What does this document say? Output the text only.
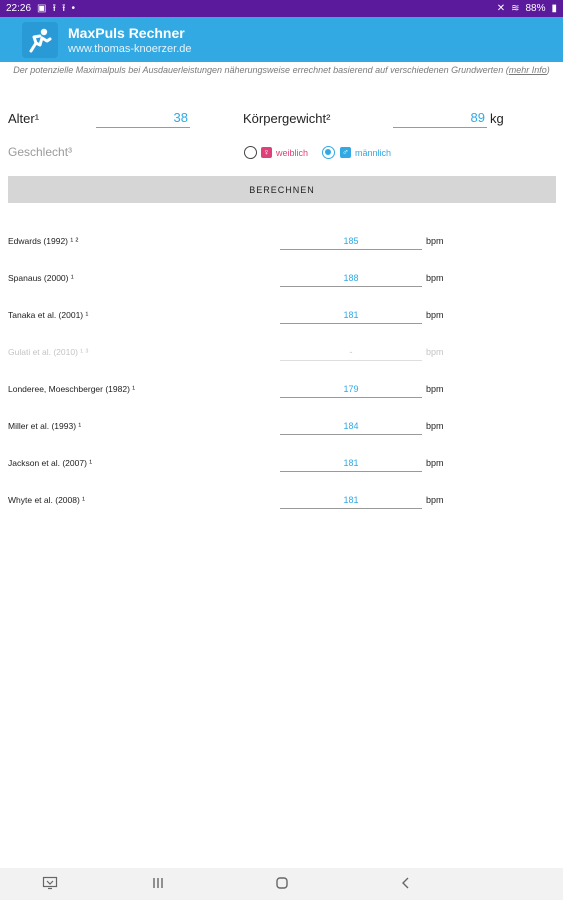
22:26 ▣ ⭱ ⭱ •	✕ ≋ 88% ▮
MaxPuls Rechner
www.thomas-knoerzer.de
Der potenzielle Maximalpuls bei Ausdauerleistungen näherungsweise errechnet basierend auf verschiedenen Grundwerten (mehr Info)
Alter¹	38	Körpergewicht²	89 kg
Geschlecht³	♀ weiblich	♂ männlich
BERECHNEN
Edwards (1992) ¹ ²	185	bpm
Spanaus (2000) ¹	188	bpm
Tanaka et al. (2001) ¹	181	bpm
Gulati et al. (2010) ¹ ³	-	bpm
Londeree, Moeschberger (1982) ¹	179	bpm
Miller et al. (1993) ¹	184	bpm
Jackson et al. (2007) ¹	181	bpm
Whyte et al. (2008) ¹	181	bpm
